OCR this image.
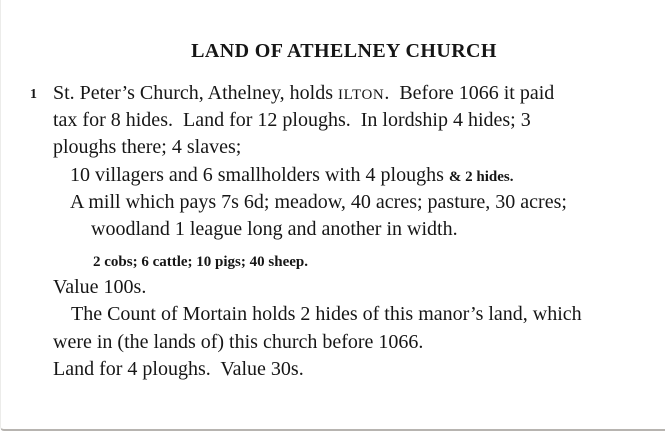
LAND OF ATHELNEY CHURCH
1 St. Peter’s Church, Athelney, holds ILTON.  Before 1066 it paid
tax for 8 hides.  Land for 12 ploughs.  In lordship 4 hides; 3
ploughs there; 4 slaves;
10 villagers and 6 smallholders with 4 ploughs & 2 hides.
A mill which pays 7s 6d; meadow, 40 acres; pasture, 30 acres;
woodland 1 league long and another in width.
2 cobs; 6 cattle; 10 pigs; 40 sheep.
Value 100s.
The Count of Mortain holds 2 hides of this manor’s land, which
were in (the lands of) this church before 1066.
Land for 4 ploughs.  Value 30s.
